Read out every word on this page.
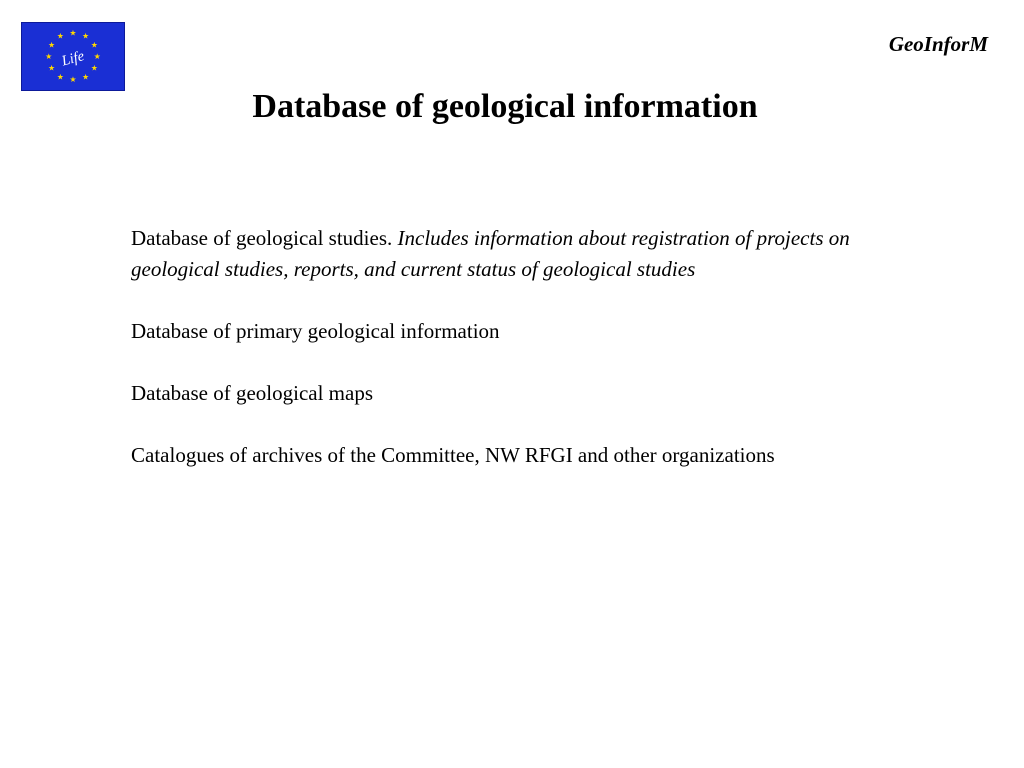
★ ★
★
★
★
★
★
★
★
★
★
★
Life
GeoInforM
Database of geological information
Database of geological studies. Includes information about registration of projects on geological studies, reports, and current status of geological studies
Database of primary geological information
Database of geological maps
Catalogues of archives of the Committee, NW RFGI and other organizations
